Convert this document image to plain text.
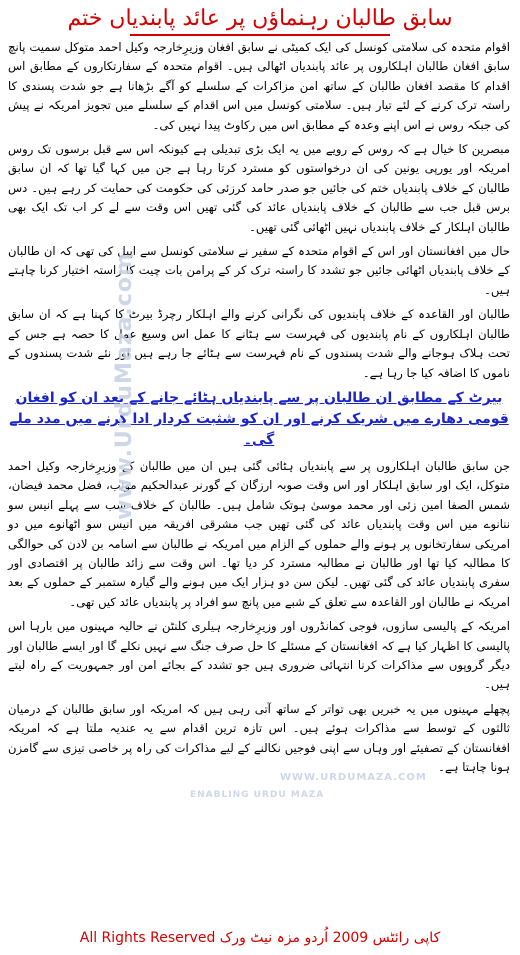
سابق طالبان رہنماؤں پر عائد پابندیاں ختم

اقوام متحدہ کی سلامتی کونسل کی ایک کمیٹی نے سابق افغان وزیرِخارجہ وکیل احمد متوکل سمیت پانچ سابق افغان طالبان اہلکاروں پر عائد پابندیاں اٹھالی ہیں۔ اقوام متحدہ کے سفارتکاروں کے مطابق اس اقدام کا مقصد افغان طالبان کے ساتھ امن مزاکرات کے سلسلے کو آگے بڑھانا ہے جو شدت پسندی کا راستہ ترک کرنے کے لئے تیار ہیں۔ سلامتی کونسل میں اس اقدام کے سلسلے میں تجویز امریکہ نے پیش کی جبکہ روس نے اس اپنے وعدہ کے مطابق اس میں رکاوٹ پیدا نہیں کی۔

مبصرین کا خیال ہے کہ روس کے رویے میں یہ ایک بڑی تبدیلی ہے کیونکہ اس سے قبل برسوں تک روس امریکہ اور یورپی یونین کی ان درخواستوں کو مسترد کرتا رہا ہے جن میں کہا گیا تھا کہ ان سابق طالبان کے خلاف پابندیاں ختم کی جائیں جو صدر حامد کرزئی کی حکومت کی حمایت کر رہے ہیں۔ دس برس قبل جب سے طالبان کے خلاف پابندیاں عائد کی گئی تھیں اس وقت سے لے کر اب تک ایک بھی طالبان اہلکار کے خلاف پابندیاں نہیں اٹھائی گئی تھیں۔

حال میں افغانستان اور اس کے اقوام متحدہ کے سفیر نے سلامتی کونسل سے اپیل کی تھی کہ ان طالبان کے خلاف پابندیاں اٹھائی جائیں جو تشدد کا راستہ ترک کر کے پرامن بات چیت کا راستہ اختیار کرنا چاہتے ہیں۔

طالبان اور القاعدہ کے خلاف پابندیوں کی نگرانی کرنے والے اہلکار رچرڈ بیرٹ کا کہنا ہے کہ ان سابق طالبان اہلکاروں کے نام پابندیوں کی فہرست سے ہٹانے کا عمل اس وسیع عمل کا حصہ ہے جس کے تحت ہلاک ہوجانے والے شدت پسندوں کے نام فہرست سے ہٹائے جا رہے ہیں اور نئے شدت پسندوں کے ناموں کا اضافہ کیا جا رہا ہے۔

بیرٹ کے مطابق ان طالبان پر سے پابندیاں ہٹائے جانے کے بعد ان کو افغان قومی دھارے میں شریک کرنے اور ان کو شثبت کردار ادا کرنے میں مدد ملے گی۔

جن سابق طالبان اہلکاروں پر سے پابندیاں ہٹائی گئی ہیں ان میں طالبان کے وزیرِخارجہ وکیل احمد متوکل، ایک اور سابق اہلکار اور اس وقت صوبہ ارزگان کے گورنر عبدالحکیم مونِب، فضل محمد فیضان، شمس الصفا امین زئی اور محمد موسیٰ ہوتک شامل ہیں۔ طالبان کے خلاف سب سے پہلے انیس سو ننانوے میں اس وقت پابندیاں عائد کی گئی تھیں جب مشرقی افریقہ میں انیس سو اٹھانوے میں دو امریکی سفارتخانوں پر ہونے والے حملوں کے الزام میں امریکہ نے طالبان سے اسامہ بن لادن کی حوالگی کا مطالبہ کیا تھا اور طالبان نے مطالبہ مسترد کر دیا تھا۔ اس وقت سے زائد طالبان پر اقتصادی اور سفری پابندیاں عائد کی گئی تھیں۔ لیکن سن دو ہزار ایک میں ہونے والے گیارہ ستمبر کے حملوں کے بعد امریکہ نے طالبان اور القاعدہ سے تعلق کے شبے میں پانچ سو افراد پر پابندیاں عائد کیں تھی۔

امریکہ کے پالیسی سازوں، فوجی کمانڈروں اور وزیرِخارجہ ہیلری کلنٹن نے حالیہ مہینوں میں بارہا اس پالیسی کا اظہار کیا ہے کہ افغانستان کے مسئلے کا حل صرف جنگ سے نہیں نکلے گا اور ایسے طالبان اور دیگر گروپوں سے مذاکرات کرنا انتہائی ضروری ہیں جو تشدد کے بجائے امن اور جمہوریت کے راہ لیتے ہیں۔

پچھلے مہینوں میں یہ خبریں بھی تواتر کے ساتھ آتی رہی ہیں کہ امریکہ اور سابق طالبان کے درمیان ثالثوں کے توسط سے مذاکرات ہوئے ہیں۔ اس تازہ ترین اقدام سے یہ عندیہ ملتا ہے کہ امریکہ افغانستان کے تصفیئے اور وہاں سے اپنی فوجیں نکالنے کے لیے مذاکرات کی راہ پر خاصی تیزی سے گامزن ہونا چاہتا ہے۔

www.UrduMaza.com
WWW.URDUMAZA.COM
ENABLING URDU MAZA
کاپی رائٹس 2009 اُردو مزہ نیٹ ورک All Rights Reserved
